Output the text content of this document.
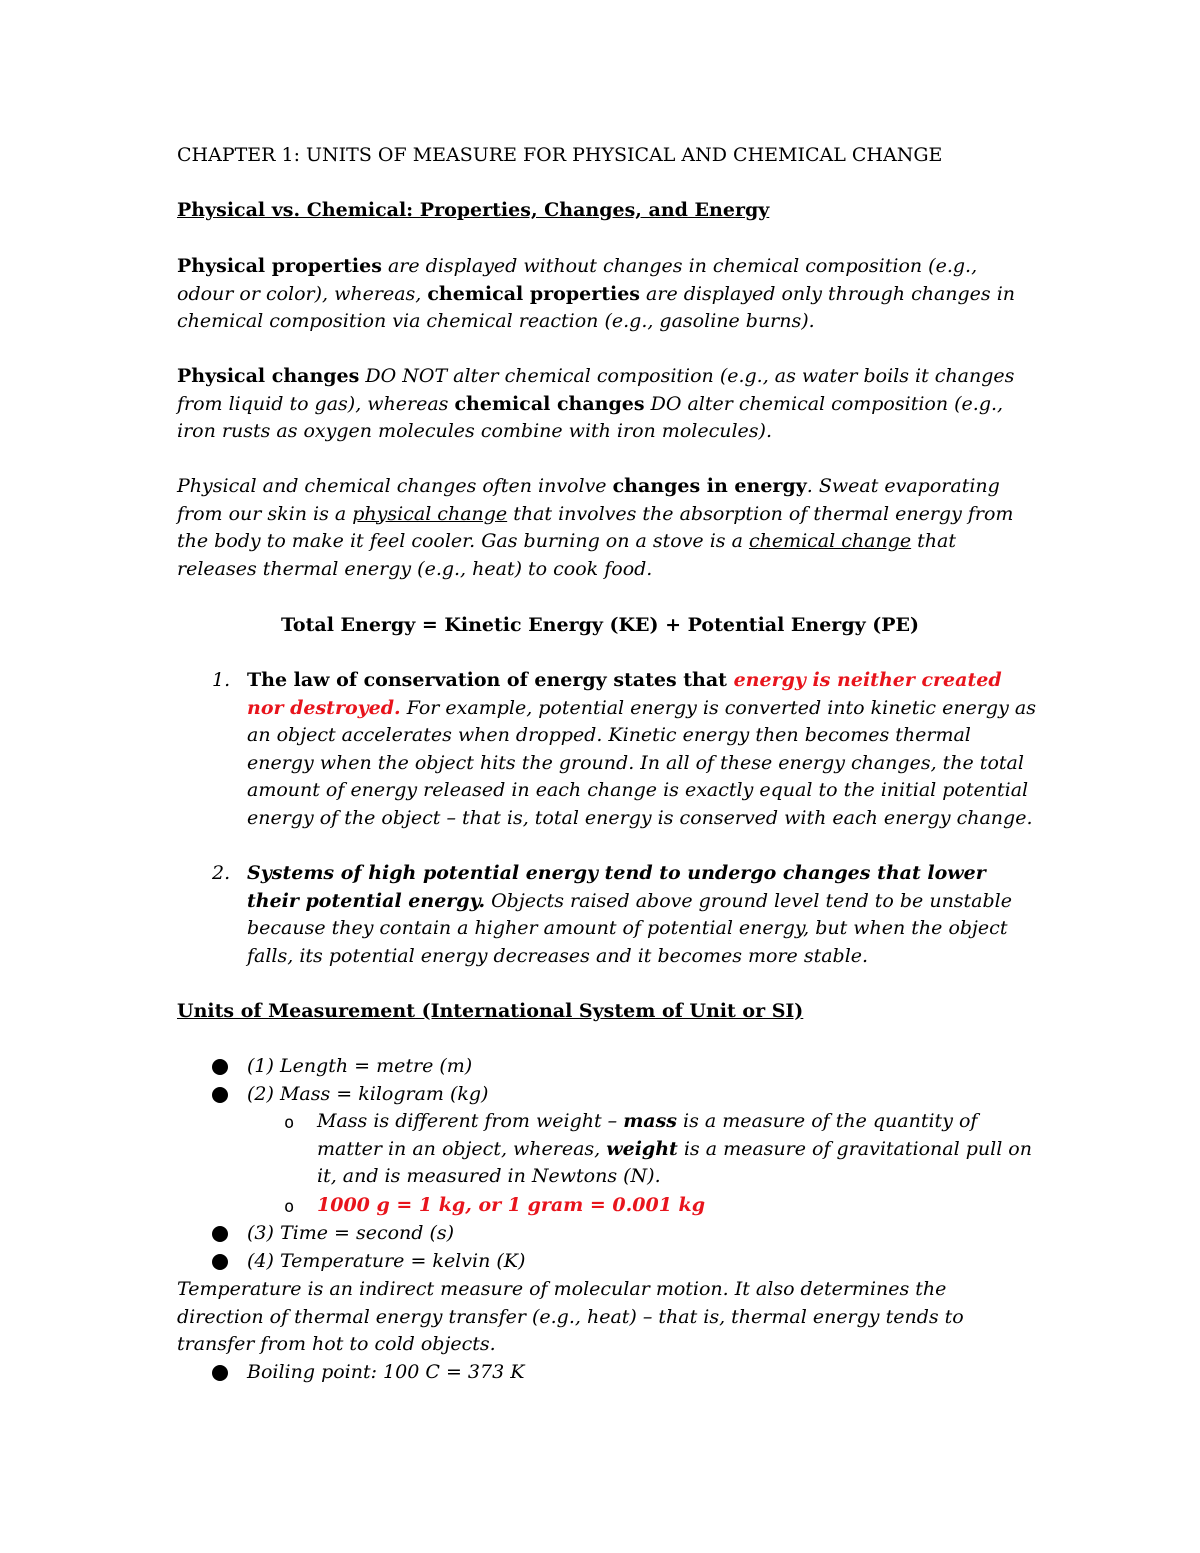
CHAPTER 1: UNITS OF MEASURE FOR PHYSICAL AND CHEMICAL CHANGE

Physical vs. Chemical: Properties, Changes, and Energy

Physical properties are displayed without changes in chemical composition (e.g., odour or color), whereas, chemical properties are displayed only through changes in chemical composition via chemical reaction (e.g., gasoline burns).

Physical changes DO NOT alter chemical composition (e.g., as water boils it changes from liquid to gas), whereas chemical changes DO alter chemical composition (e.g., iron rusts as oxygen molecules combine with iron molecules).

Physical and chemical changes often involve changes in energy. Sweat evaporating from our skin is a physical change that involves the absorption of thermal energy from the body to make it feel cooler. Gas burning on a stove is a chemical change that releases thermal energy (e.g., heat) to cook food.

Total Energy = Kinetic Energy (KE) + Potential Energy (PE)

1. The law of conservation of energy states that energy is neither created nor destroyed. For example, potential energy is converted into kinetic energy as an object accelerates when dropped. Kinetic energy then becomes thermal energy when the object hits the ground. In all of these energy changes, the total amount of energy released in each change is exactly equal to the initial potential energy of the object – that is, total energy is conserved with each energy change.

2. Systems of high potential energy tend to undergo changes that lower their potential energy. Objects raised above ground level tend to be unstable because they contain a higher amount of potential energy, but when the object falls, its potential energy decreases and it becomes more stable.

Units of Measurement (International System of Unit or SI)

(1) Length = metre (m)

(2) Mass = kilogram (kg)

o Mass is different from weight – mass is a measure of the quantity of matter in an object, whereas, weight is a measure of gravitational pull on it, and is measured in Newtons (N).

o 1000 g = 1 kg, or 1 gram = 0.001 kg

(3) Time = second (s)

(4) Temperature = kelvin (K)

Temperature is an indirect measure of molecular motion. It also determines the direction of thermal energy transfer (e.g., heat) – that is, thermal energy tends to transfer from hot to cold objects.

Boiling point: 100 C = 373 K
